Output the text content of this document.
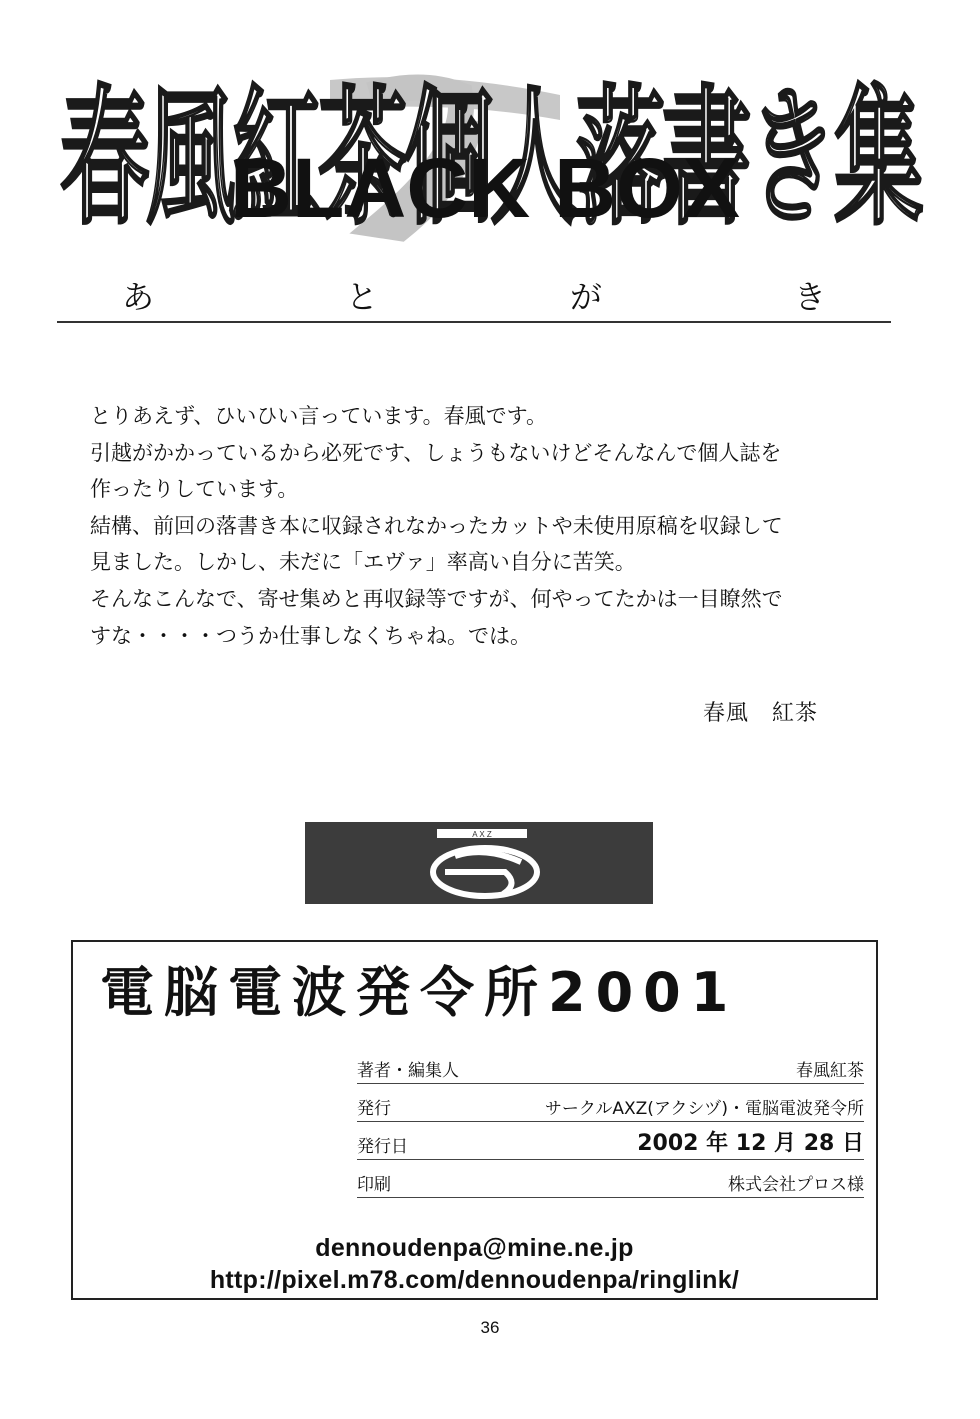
春風紅茶個人落書き集
BLACK BOX
あ	と	が	き
とりあえず、ひいひい言っています。春風です。
引越がかかっているから必死です、しょうもないけどそんなんで個人誌を
作ったりしています。
結構、前回の落書き本に収録されなかったカットや未使用原稿を収録して
見ました。しかし、未だに「エヴァ」率高い自分に苦笑。
そんなこんなで、寄せ集めと再収録等ですが、何やってたかは一目瞭然で
すな・・・・つうか仕事しなくちゃね。では。
春風　紅茶
A X Z
電脳電波発令所2001
著者・編集人	春風紅茶
発行	サークルAXZ(アクシヅ)・電脳電波発令所
発行日	2002 年 12 月 28 日
印刷	株式会社プロス様
dennoudenpa@mine.ne.jp
http://pixel.m78.com/dennoudenpa/ringlink/
36
